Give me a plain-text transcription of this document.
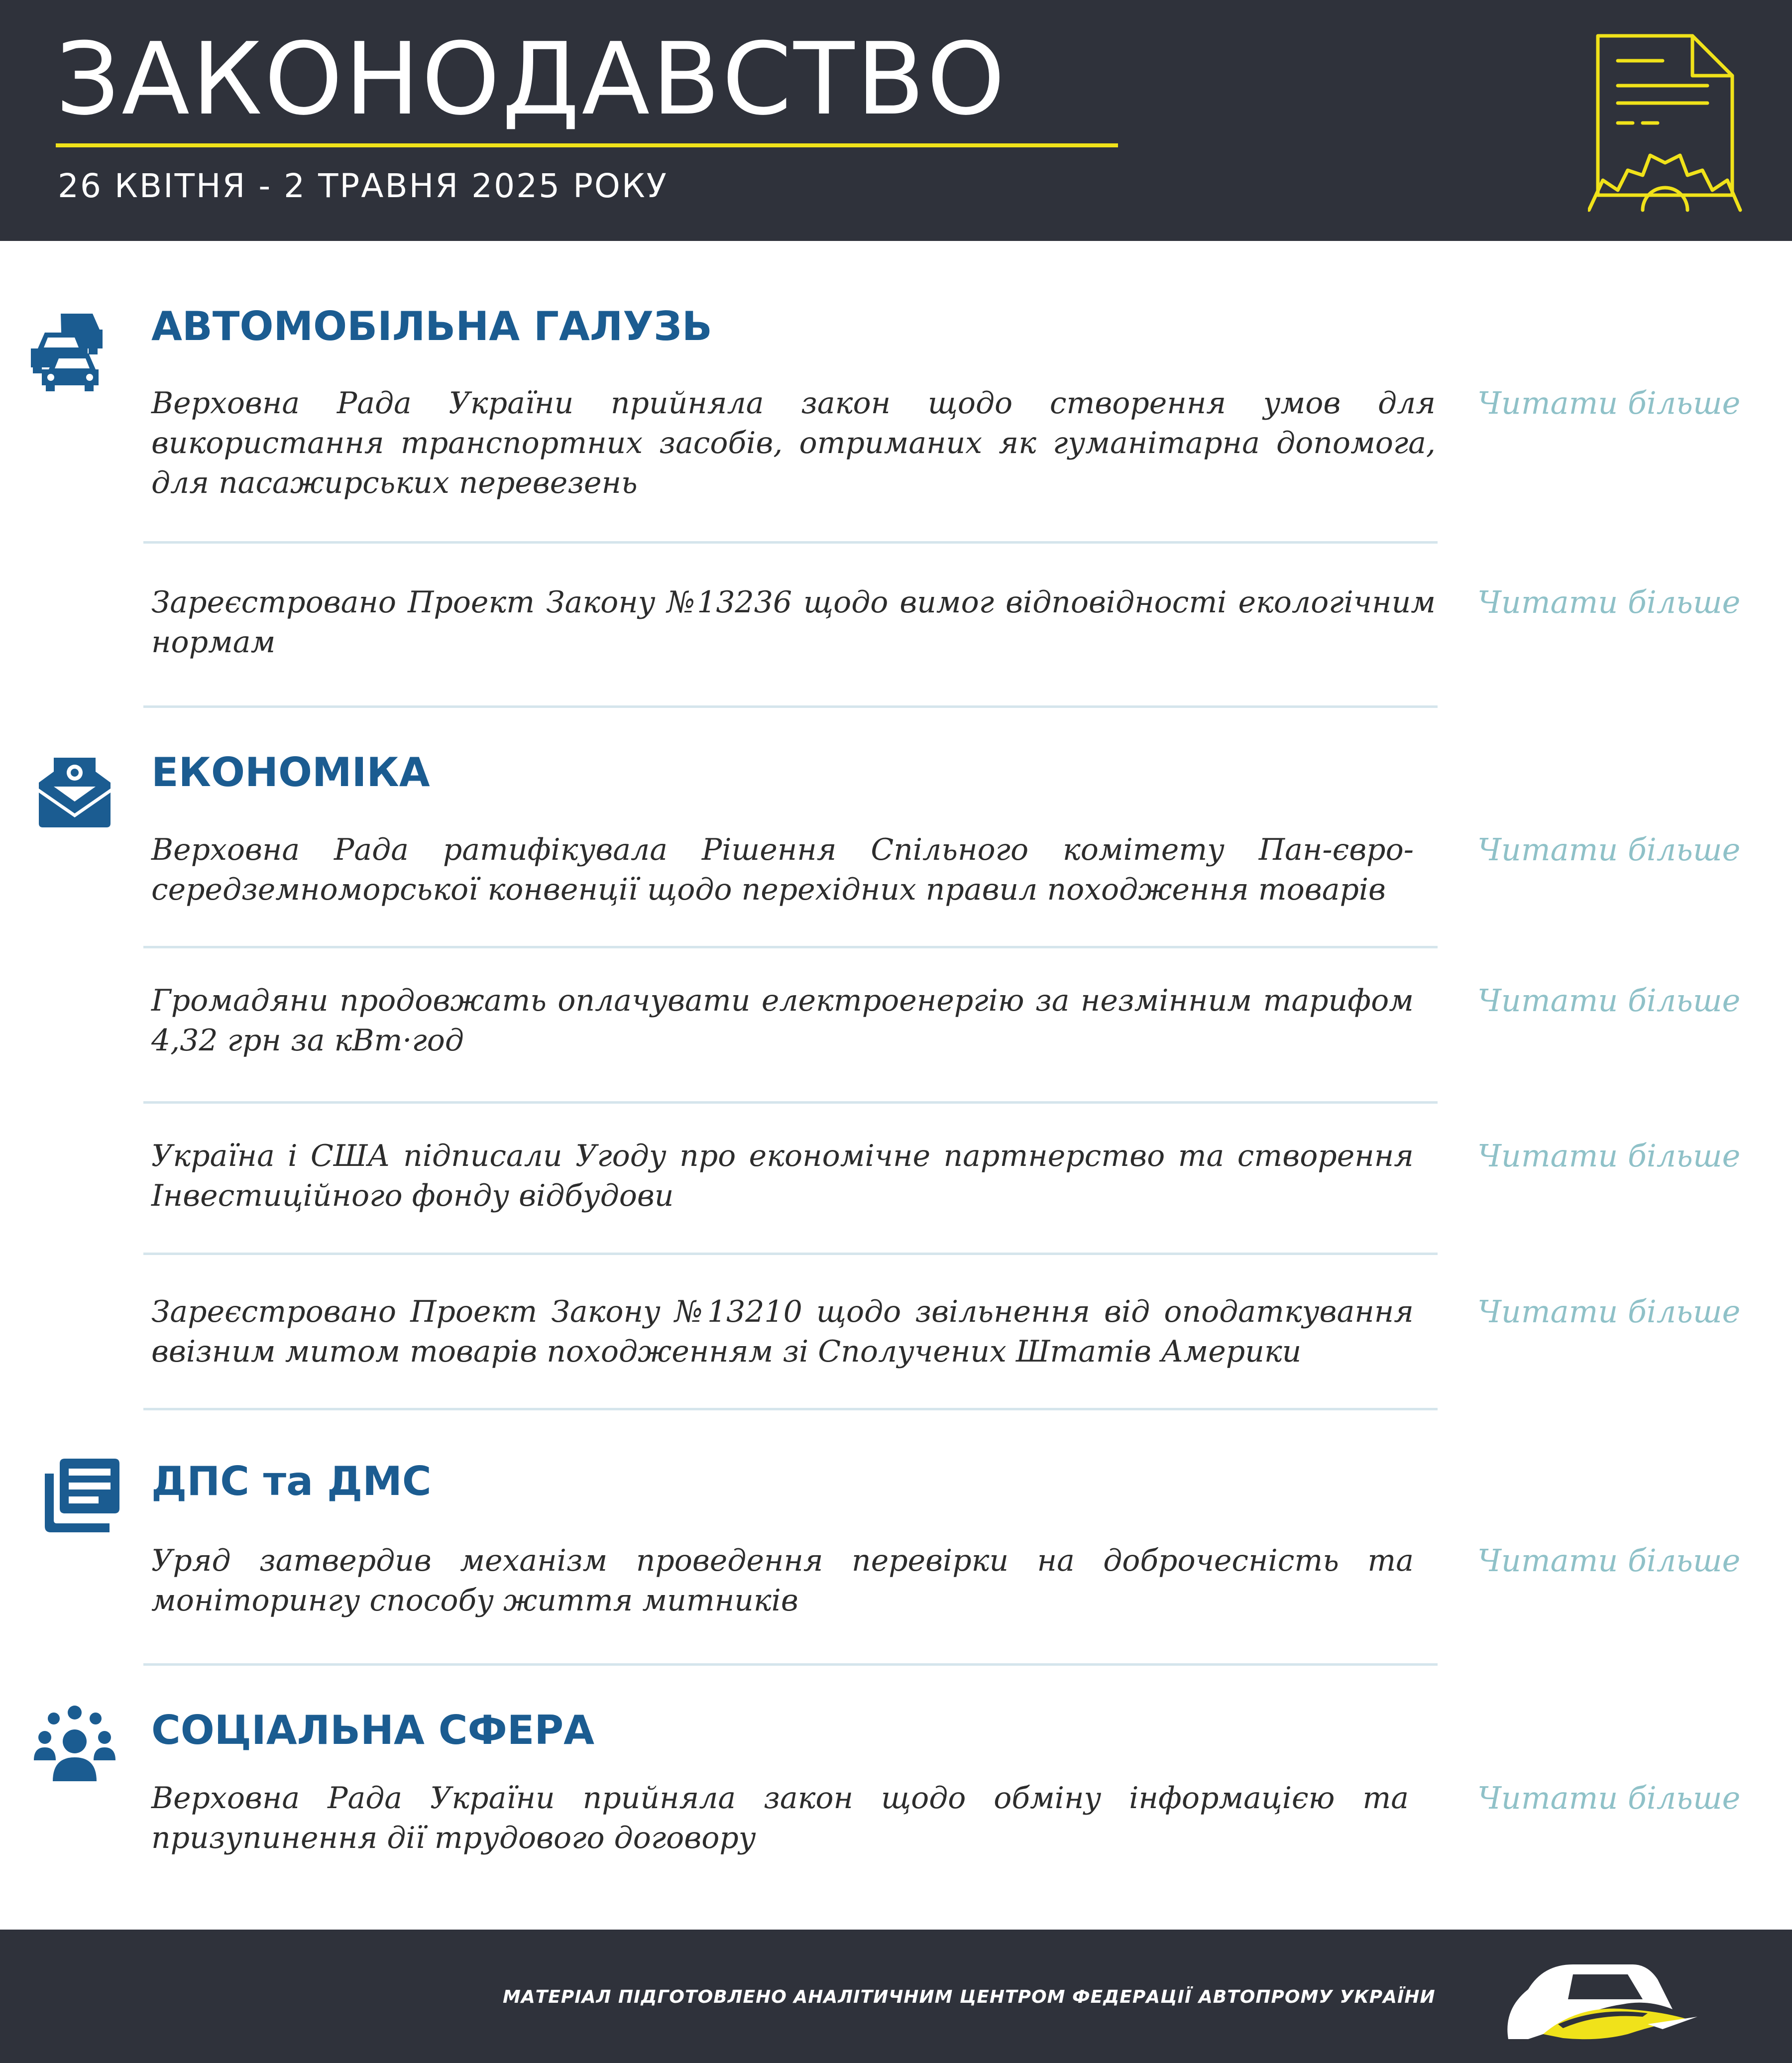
ЗАКОНОДАВСТВО
26 КВІТНЯ - 2 ТРАВНЯ 2025 РОКУ
АВТОМОБІЛЬНА ГАЛУЗЬ
Верховна Рада України прийняла закон щодо створення умов для використання транспортних засобів, отриманих як гуманітарна допомога, для пасажирських перевезень
Читати більше
Зареєстровано Проект Закону №13236 щодо вимог відповідності екологічним нормам
Читати більше
ЕКОНОМІКА
Верховна Рада ратифікувала Рішення Спільного комітету Пан-євро-середземноморської конвенції щодо перехідних правил походження товарів
Читати більше
Громадяни продовжать оплачувати електроенергію за незмінним тарифом 4,32 грн за кВт·год
Читати більше
Україна і США підписали Угоду про економічне партнерство та створення Інвестиційного фонду відбудови
Читати більше
Зареєстровано Проект Закону №13210 щодо звільнення від оподаткування ввізним митом товарів походженням зі Сполучених Штатів Америки
Читати більше
ДПС та ДМС
Уряд затвердив механізм проведення перевірки на доброчесність та моніторингу способу життя митників
Читати більше
СОЦІАЛЬНА СФЕРА
Верховна Рада України прийняла закон щодо обміну інформацією та призупинення дії трудового договору
Читати більше
МАТЕРІАЛ ПІДГОТОВЛЕНО АНАЛІТИЧНИМ ЦЕНТРОМ ФЕДЕРАЦІЇ АВТОПРОМУ УКРАЇНИ
